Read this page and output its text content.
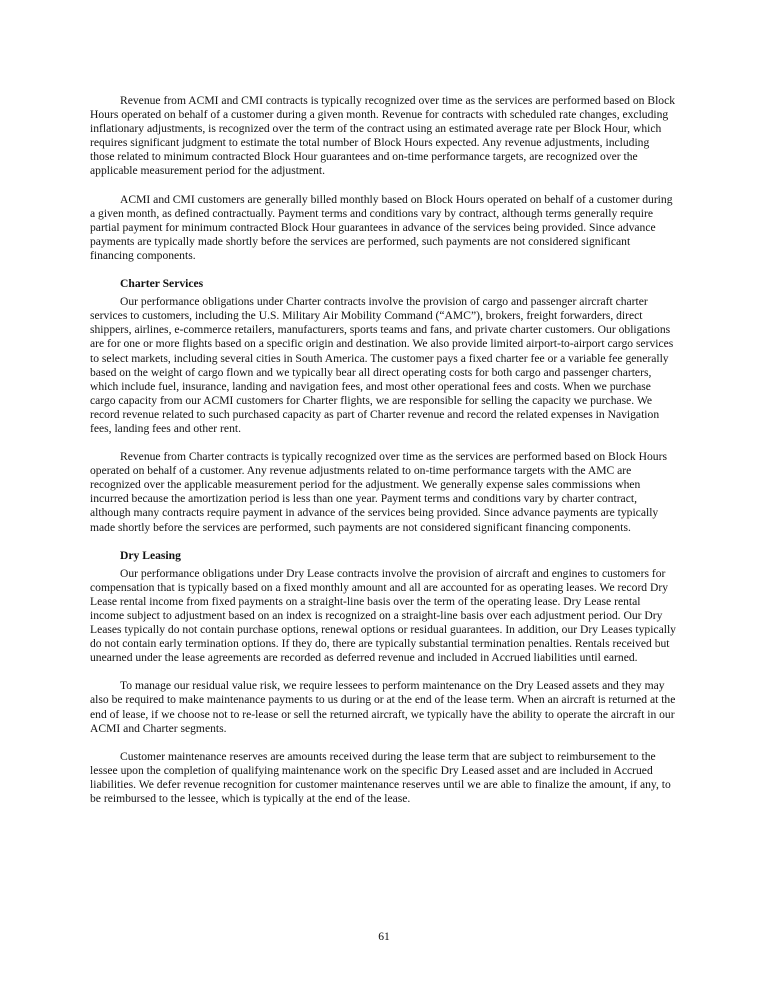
Revenue from ACMI and CMI contracts is typically recognized over time as the services are performed based on Block Hours operated on behalf of a customer during a given month. Revenue for contracts with scheduled rate changes, excluding inflationary adjustments, is recognized over the term of the contract using an estimated average rate per Block Hour, which requires significant judgment to estimate the total number of Block Hours expected. Any revenue adjustments, including those related to minimum contracted Block Hour guarantees and on-time performance targets, are recognized over the applicable measurement period for the adjustment.

ACMI and CMI customers are generally billed monthly based on Block Hours operated on behalf of a customer during a given month, as defined contractually. Payment terms and conditions vary by contract, although terms generally require partial payment for minimum contracted Block Hour guarantees in advance of the services being provided. Since advance payments are typically made shortly before the services are performed, such payments are not considered significant financing components.

Charter Services

Our performance obligations under Charter contracts involve the provision of cargo and passenger aircraft charter services to customers, including the U.S. Military Air Mobility Command (“AMC”), brokers, freight forwarders, direct shippers, airlines, e-commerce retailers, manufacturers, sports teams and fans, and private charter customers. Our obligations are for one or more flights based on a specific origin and destination. We also provide limited airport-to-airport cargo services to select markets, including several cities in South America. The customer pays a fixed charter fee or a variable fee generally based on the weight of cargo flown and we typically bear all direct operating costs for both cargo and passenger charters, which include fuel, insurance, landing and navigation fees, and most other operational fees and costs. When we purchase cargo capacity from our ACMI customers for Charter flights, we are responsible for selling the capacity we purchase. We record revenue related to such purchased capacity as part of Charter revenue and record the related expenses in Navigation fees, landing fees and other rent.

Revenue from Charter contracts is typically recognized over time as the services are performed based on Block Hours operated on behalf of a customer. Any revenue adjustments related to on-time performance targets with the AMC are recognized over the applicable measurement period for the adjustment. We generally expense sales commissions when incurred because the amortization period is less than one year. Payment terms and conditions vary by charter contract, although many contracts require payment in advance of the services being provided. Since advance payments are typically made shortly before the services are performed, such payments are not considered significant financing components.

Dry Leasing

Our performance obligations under Dry Lease contracts involve the provision of aircraft and engines to customers for compensation that is typically based on a fixed monthly amount and all are accounted for as operating leases. We record Dry Lease rental income from fixed payments on a straight-line basis over the term of the operating lease. Dry Lease rental income subject to adjustment based on an index is recognized on a straight-line basis over each adjustment period. Our Dry Leases typically do not contain purchase options, renewal options or residual guarantees. In addition, our Dry Leases typically do not contain early termination options. If they do, there are typically substantial termination penalties. Rentals received but unearned under the lease agreements are recorded as deferred revenue and included in Accrued liabilities until earned.

To manage our residual value risk, we require lessees to perform maintenance on the Dry Leased assets and they may also be required to make maintenance payments to us during or at the end of the lease term. When an aircraft is returned at the end of lease, if we choose not to re-lease or sell the returned aircraft, we typically have the ability to operate the aircraft in our ACMI and Charter segments.

Customer maintenance reserves are amounts received during the lease term that are subject to reimbursement to the lessee upon the completion of qualifying maintenance work on the specific Dry Leased asset and are included in Accrued liabilities. We defer revenue recognition for customer maintenance reserves until we are able to finalize the amount, if any, to be reimbursed to the lessee, which is typically at the end of the lease.

61
